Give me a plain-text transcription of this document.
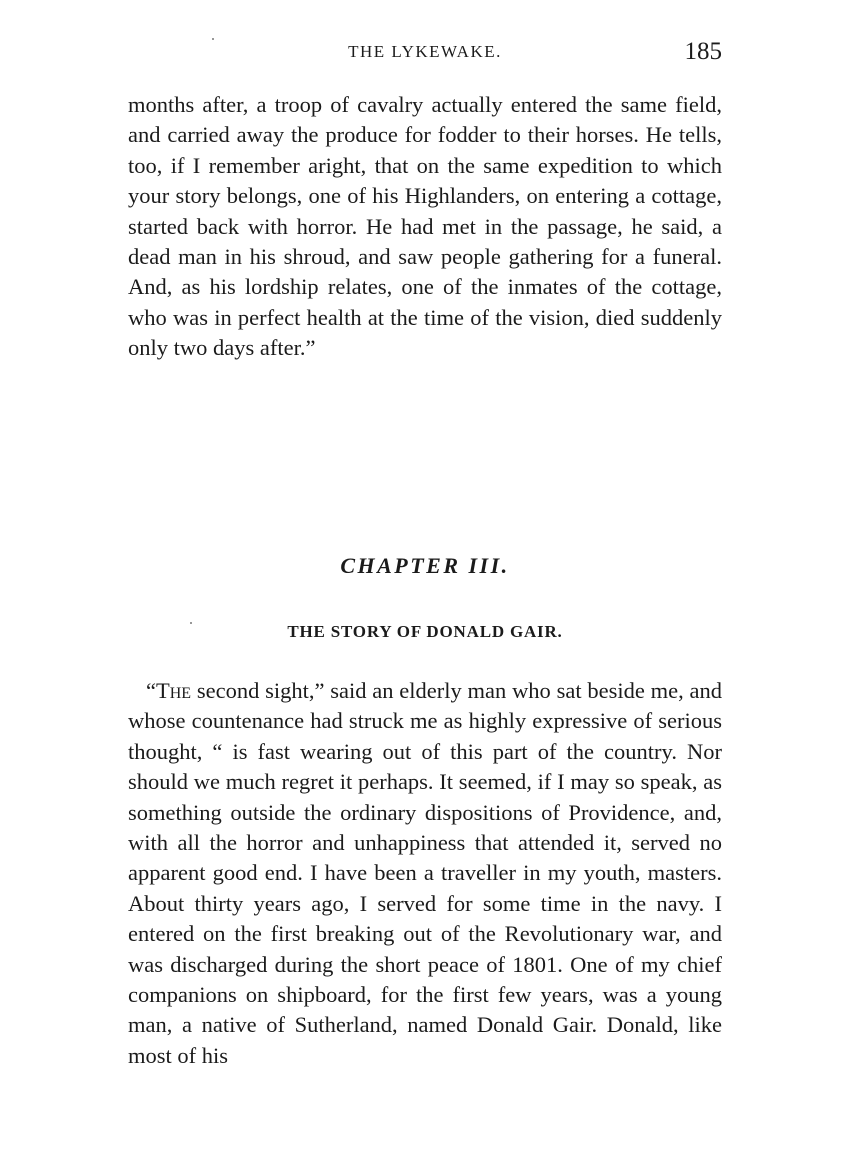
THE LYKEWAKE.	185

months after, a troop of cavalry actually entered the same field, and carried away the produce for fodder to their horses. He tells, too, if I remember aright, that on the same expedition to which your story belongs, one of his Highlanders, on entering a cottage, started back with horror. He had met in the passage, he said, a dead man in his shroud, and saw people gathering for a funeral. And, as his lordship relates, one of the inmates of the cottage, who was in perfect health at the time of the vision, died suddenly only two days after.”

CHAPTER III.
THE STORY OF DONALD GAIR.

“The second sight,” said an elderly man who sat beside me, and whose countenance had struck me as highly expressive of serious thought, “ is fast wearing out of this part of the country. Nor should we much regret it perhaps. It seemed, if I may so speak, as something outside the ordinary dispositions of Providence, and, with all the horror and unhappiness that attended it, served no apparent good end. I have been a traveller in my youth, masters. About thirty years ago, I served for some time in the navy. I entered on the first breaking out of the Revolutionary war, and was discharged during the short peace of 1801. One of my chief companions on shipboard, for the first few years, was a young man, a native of Sutherland, named Donald Gair. Donald, like most of his
